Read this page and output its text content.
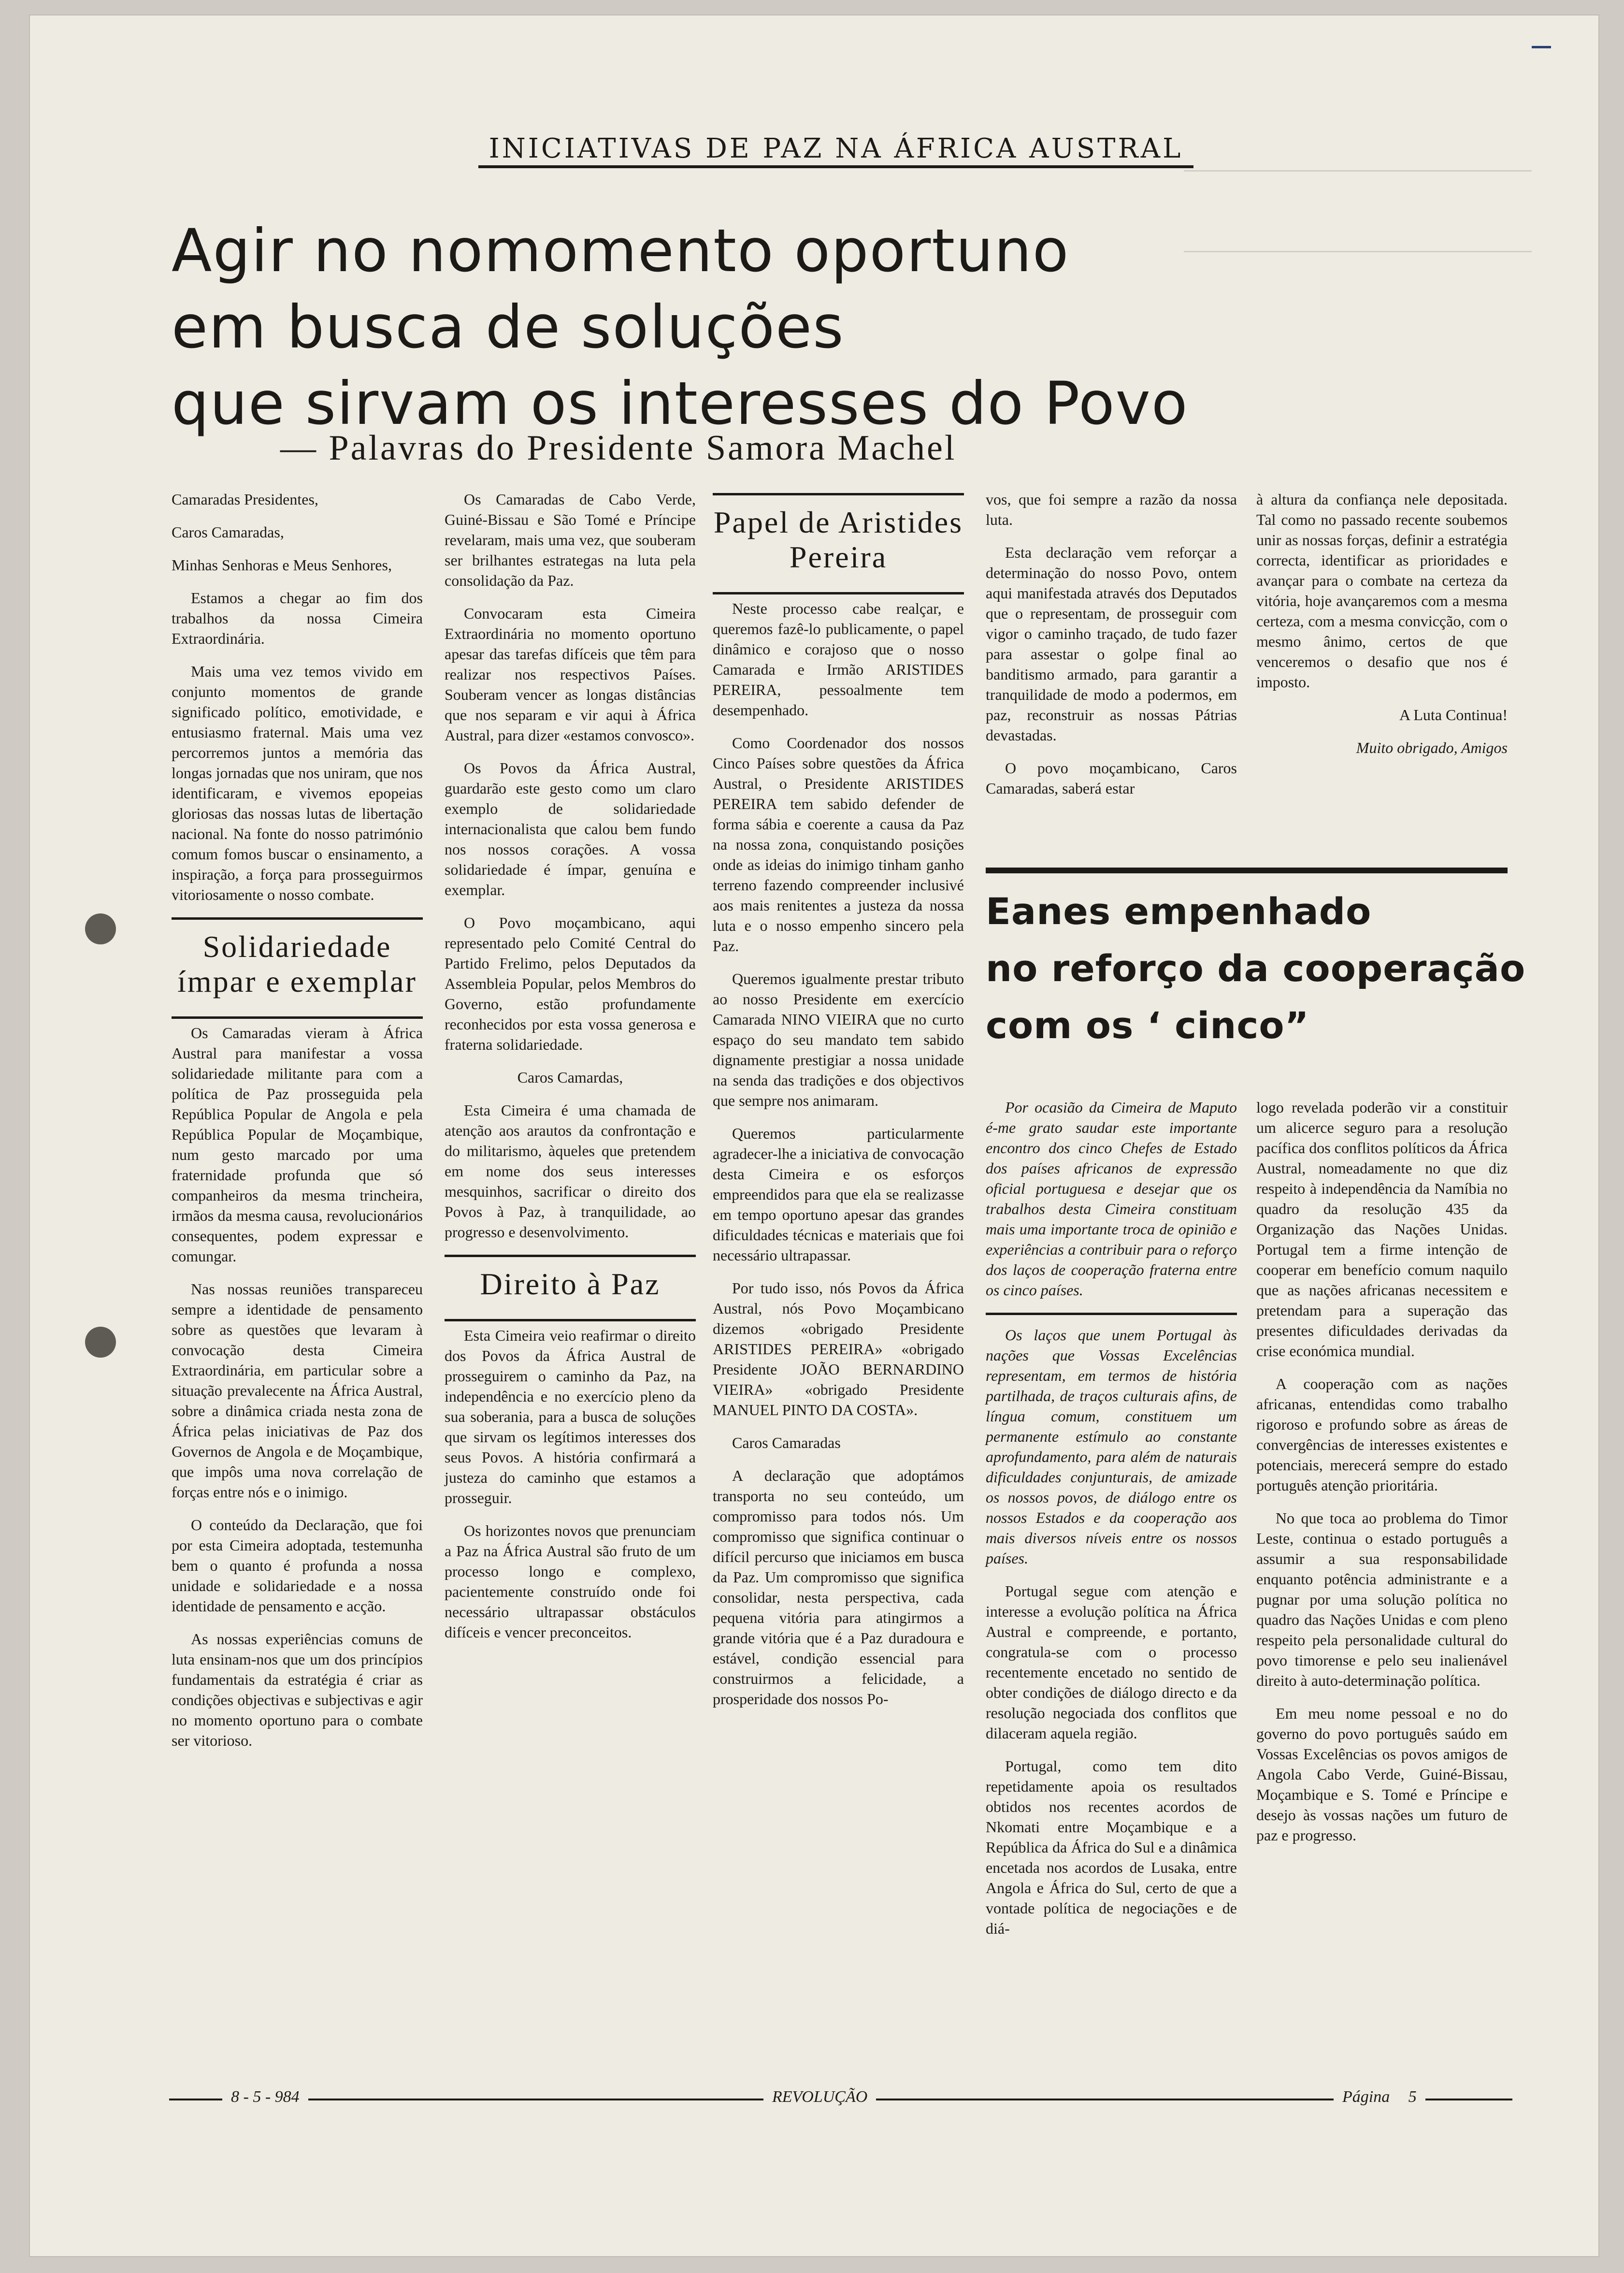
INICIATIVAS DE PAZ NA ÁFRICA AUSTRAL
Agir no nomomento oportuno
em busca de soluções
que sirvam os interesses do Povo
— Palavras do Presidente Samora Machel

Camaradas Presidentes,

Caros Camaradas,

Minhas Senhoras e Meus Senhores,

Estamos a chegar ao fim dos trabalhos da nossa Cimeira Extraordinária.

Mais uma vez temos vivido em conjunto momentos de grande significado político, emotividade, e entusiasmo fraternal. Mais uma vez percorremos juntos a memória das longas jornadas que nos uniram, que nos identificaram, e vivemos epopeias gloriosas das nossas lutas de libertação nacional. Na fonte do nosso património comum fomos buscar o ensinamento, a inspiração, a força para prosseguirmos vitoriosamente o nosso combate.

Solidariedade ímpar e exemplar

Os Camaradas vieram à África Austral para manifestar a vossa solidariedade militante para com a política de Paz prosseguida pela República Popular de Angola e pela República Popular de Moçambique, num gesto marcado por uma fraternidade profunda que só companheiros da mesma trincheira, irmãos da mesma causa, revolucionários consequentes, podem expressar e comungar.

Nas nossas reuniões transpareceu sempre a identidade de pensamento sobre as questões que levaram à convocação desta Cimeira Extraordinária, em particular sobre a situação prevalecente na África Austral, sobre a dinâmica criada nesta zona de África pelas iniciativas de Paz dos Governos de Angola e de Moçambique, que impôs uma nova correlação de forças entre nós e o inimigo.

O conteúdo da Declaração, que foi por esta Cimeira adoptada, testemunha bem o quanto é profunda a nossa unidade e solidariedade e a nossa identidade de pensamento e acção.

As nossas experiências comuns de luta ensinam-nos que um dos princípios fundamentais da estratégia é criar as condições objectivas e subjectivas e agir no momento oportuno para o combate ser vitorioso.

Os Camaradas de Cabo Verde, Guiné-Bissau e São Tomé e Príncipe revelaram, mais uma vez, que souberam ser brilhantes estrategas na luta pela consolidação da Paz.

Convocaram esta Cimeira Extraordinária no momento oportuno apesar das tarefas difíceis que têm para realizar nos respectivos Países. Souberam vencer as longas distâncias que nos separam e vir aqui à África Austral, para dizer «estamos convosco».

Os Povos da África Austral, guardarão este gesto como um claro exemplo de solidariedade internacionalista que calou bem fundo nos nossos corações. A vossa solidariedade é ímpar, genuína e exemplar.

O Povo moçambicano, aqui representado pelo Comité Central do Partido Frelimo, pelos Deputados da Assembleia Popular, pelos Membros do Governo, estão profundamente reconhecidos por esta vossa generosa e fraterna solidariedade.

Caros Camardas,

Esta Cimeira é uma chamada de atenção aos arautos da confrontação e do militarismo, àqueles que pretendem em nome dos seus interesses mesquinhos, sacrificar o direito dos Povos à Paz, à tranquilidade, ao progresso e desenvolvimento.

Direito à Paz

Esta Cimeira veio reafirmar o direito dos Povos da África Austral de prosseguirem o caminho da Paz, na independência e no exercício pleno da sua soberania, para a busca de soluções que sirvam os legítimos interesses dos seus Povos. A história confirmará a justeza do caminho que estamos a prosseguir.

Os horizontes novos que prenunciam a Paz na África Austral são fruto de um processo longo e complexo, pacientemente construído onde foi necessário ultrapassar obstáculos difíceis e vencer preconceitos.

Papel de Aristides Pereira

Neste processo cabe realçar, e queremos fazê-lo publicamente, o papel dinâmico e corajoso que o nosso Camarada e Irmão ARISTIDES PEREIRA, pessoalmente tem desempenhado.

Como Coordenador dos nossos Cinco Países sobre questões da África Austral, o Presidente ARISTIDES PEREIRA tem sabido defender de forma sábia e coerente a causa da Paz na nossa zona, conquistando posições onde as ideias do inimigo tinham ganho terreno fazendo compreender inclusivé aos mais renitentes a justeza da nossa luta e o nosso empenho sincero pela Paz.

Queremos igualmente prestar tributo ao nosso Presidente em exercício Camarada NINO VIEIRA que no curto espaço do seu mandato tem sabido dignamente prestigiar a nossa unidade na senda das tradições e dos objectivos que sempre nos animaram.

Queremos particularmente agradecer-lhe a iniciativa de convocação desta Cimeira e os esforços empreendidos para que ela se realizasse em tempo oportuno apesar das grandes dificuldades técnicas e materiais que foi necessário ultrapassar.

Por tudo isso, nós Povos da África Austral, nós Povo Moçambicano dizemos «obrigado Presidente ARISTIDES PEREIRA» «obrigado Presidente JOÃO BERNARDINO VIEIRA» «obrigado Presidente MANUEL PINTO DA COSTA».

Caros Camaradas

A declaração que adoptámos transporta no seu conteúdo, um compromisso para todos nós. Um compromisso que significa continuar o difícil percurso que iniciamos em busca da Paz. Um compromisso que significa consolidar, nesta perspectiva, cada pequena vitória para atingirmos a grande vitória que é a Paz duradoura e estável, condição essencial para construirmos a felicidade, a prosperidade dos nossos Po-

vos, que foi sempre a razão da nossa luta.

Esta declaração vem reforçar a determinação do nosso Povo, ontem aqui manifestada através dos Deputados que o representam, de prosseguir com vigor o caminho traçado, de tudo fazer para assestar o golpe final ao banditismo armado, para garantir a tranquilidade de modo a podermos, em paz, reconstruir as nossas Pátrias devastadas.

O povo moçambicano, Caros Camaradas, saberá estar

à altura da confiança nele depositada. Tal como no passado recente soubemos unir as nossas forças, definir a estratégia correcta, identificar as prioridades e avançar para o combate na certeza da vitória, hoje avançaremos com a mesma certeza, com a mesma convicção, com o mesmo ânimo, certos de que venceremos o desafio que nos é imposto.

A Luta Continua!

Muito obrigado, Amigos

Eanes empenhado
no reforço da cooperação
com os ‘ cinco”

Por ocasião da Cimeira de Maputo é-me grato saudar este importante encontro dos cinco Chefes de Estado dos países africanos de expressão oficial portuguesa e desejar que os trabalhos desta Cimeira constituam mais uma importante troca de opinião e experiências a contribuir para o reforço dos laços de cooperação fraterna entre os cinco países.

Os laços que unem Portugal às nações que Vossas Excelências representam, em termos de história partilhada, de traços culturais afins, de língua comum, constituem um permanente estímulo ao constante aprofundamento, para além de naturais dificuldades conjunturais, de amizade os nossos povos, de diálogo entre os nossos Estados e da cooperação aos mais diversos níveis entre os nossos países.

Portugal segue com atenção e interesse a evolução política na África Austral e compreende, e portanto, congratula-se com o processo recentemente encetado no sentido de obter condições de diálogo directo e da resolução negociada dos conflitos que dilaceram aquela região.

Portugal, como tem dito repetidamente apoia os resultados obtidos nos recentes acordos de Nkomati entre Moçambique e a República da África do Sul e a dinâmica encetada nos acordos de Lusaka, entre Angola e África do Sul, certo de que a vontade política de negociações e de diá-

logo revelada poderão vir a constituir um alicerce seguro para a resolução pacífica dos conflitos políticos da África Austral, nomeadamente no que diz respeito à independência da Namíbia no quadro da resolução 435 da Organização das Nações Unidas. Portugal tem a firme intenção de cooperar em benefício comum naquilo que as nações africanas necessitem e pretendam para a superação das presentes dificuldades derivadas da crise económica mundial.

A cooperação com as nações africanas, entendidas como trabalho rigoroso e profundo sobre as áreas de convergências de interesses existentes e potenciais, merecerá sempre do estado português atenção prioritária.

No que toca ao problema do Timor Leste, continua o estado português a assumir a sua responsabilidade enquanto potência administrante e a pugnar por uma solução política no quadro das Nações Unidas e com pleno respeito pela personalidade cultural do povo timorense e pelo seu inalienável direito à auto-determinação política.

Em meu nome pessoal e no do governo do povo português saúdo em Vossas Excelências os povos amigos de Angola Cabo Verde, Guiné-Bissau, Moçambique e S. Tomé e Príncipe e desejo às vossas nações um futuro de paz e progresso.

8 - 5 - 984	REVOLUÇÃO	Página 5
